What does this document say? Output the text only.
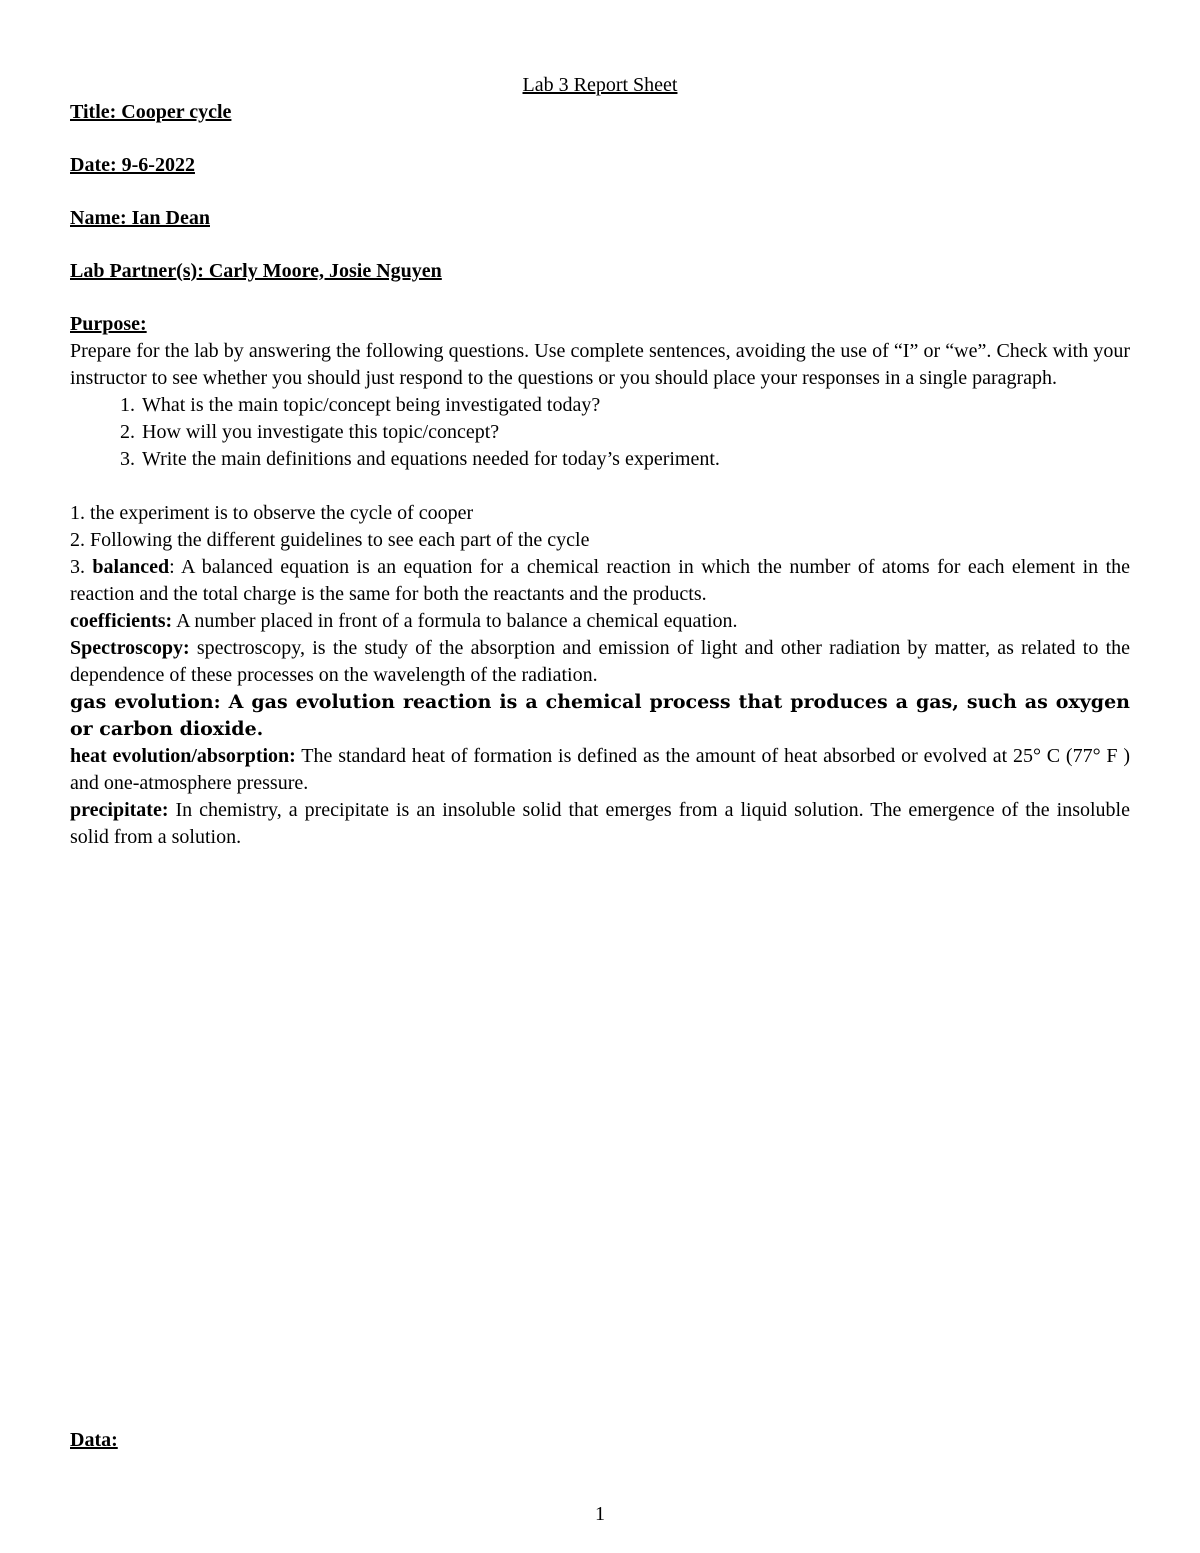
Lab 3 Report Sheet

Title: Cooper cycle

Date: 9-6-2022

Name: Ian Dean

Lab Partner(s): Carly Moore, Josie Nguyen

Purpose:

Prepare for the lab by answering the following questions. Use complete sentences, avoiding the use of “I” or “we”. Check with your instructor to see whether you should just respond to the questions or you should place your responses in a single paragraph.

1. What is the main topic/concept being investigated today?
2. How will you investigate this topic/concept?
3. Write the main definitions and equations needed for today’s experiment.

1. the experiment is to observe the cycle of cooper

2. Following the different guidelines to see each part of the cycle

3. balanced: A balanced equation is an equation for a chemical reaction in which the number of atoms for each element in the reaction and the total charge is the same for both the reactants and the products.

coefficients: A number placed in front of a formula to balance a chemical equation.

Spectroscopy: spectroscopy, is the study of the absorption and emission of light and other radiation by matter, as related to the dependence of these processes on the wavelength of the radiation.

gas evolution: A gas evolution reaction is a chemical process that produces a gas, such as oxygen or carbon dioxide.

heat evolution/absorption: The standard heat of formation is defined as the amount of heat absorbed or evolved at 25° C (77° F ) and one-atmosphere pressure.

precipitate: In chemistry, a precipitate is an insoluble solid that emerges from a liquid solution. The emergence of the insoluble solid from a solution.

Data:
1
